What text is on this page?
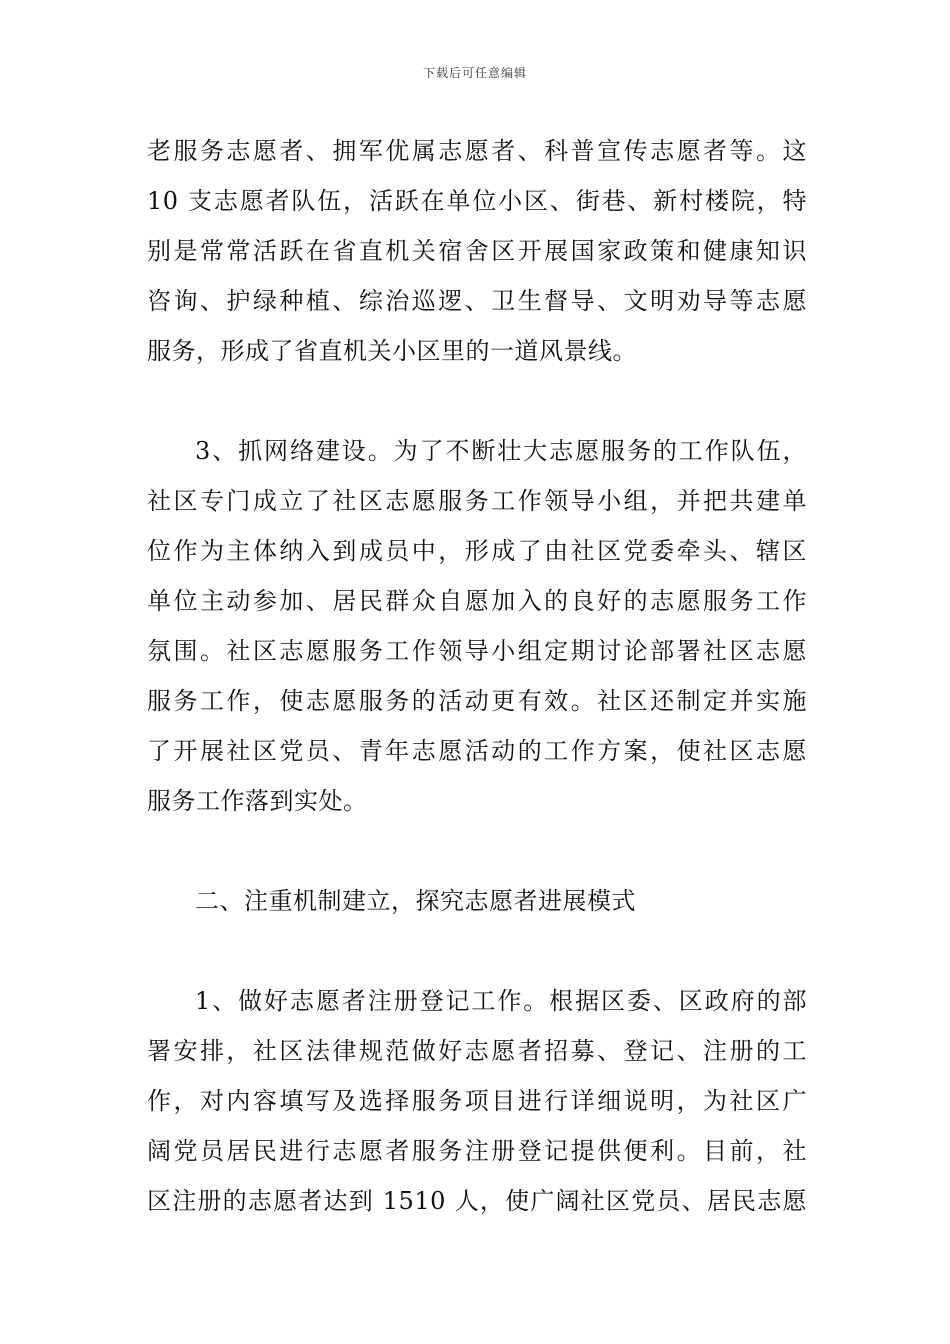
下载后可任意编辑
老服务志愿者、拥军优属志愿者、科普宣传志愿者等。这
10 支志愿者队伍，活跃在单位小区、街巷、新村楼院，特
别是常常活跃在省直机关宿舍区开展国家政策和健康知识
咨询、护绿种植、综治巡逻、卫生督导、文明劝导等志愿
服务，形成了省直机关小区里的一道风景线。
3、抓网络建设。为了不断壮大志愿服务的工作队伍，
社区专门成立了社区志愿服务工作领导小组，并把共建单
位作为主体纳入到成员中，形成了由社区党委牵头、辖区
单位主动参加、居民群众自愿加入的良好的志愿服务工作
氛围。社区志愿服务工作领导小组定期讨论部署社区志愿
服务工作，使志愿服务的活动更有效。社区还制定并实施
了开展社区党员、青年志愿活动的工作方案，使社区志愿
服务工作落到实处。
二、注重机制建立，探究志愿者进展模式
1、做好志愿者注册登记工作。根据区委、区政府的部
署安排，社区法律规范做好志愿者招募、登记、注册的工
作，对内容填写及选择服务项目进行详细说明，为社区广
阔党员居民进行志愿者服务注册登记提供便利。目前，社
区注册的志愿者达到 1510 人，使广阔社区党员、居民志愿
